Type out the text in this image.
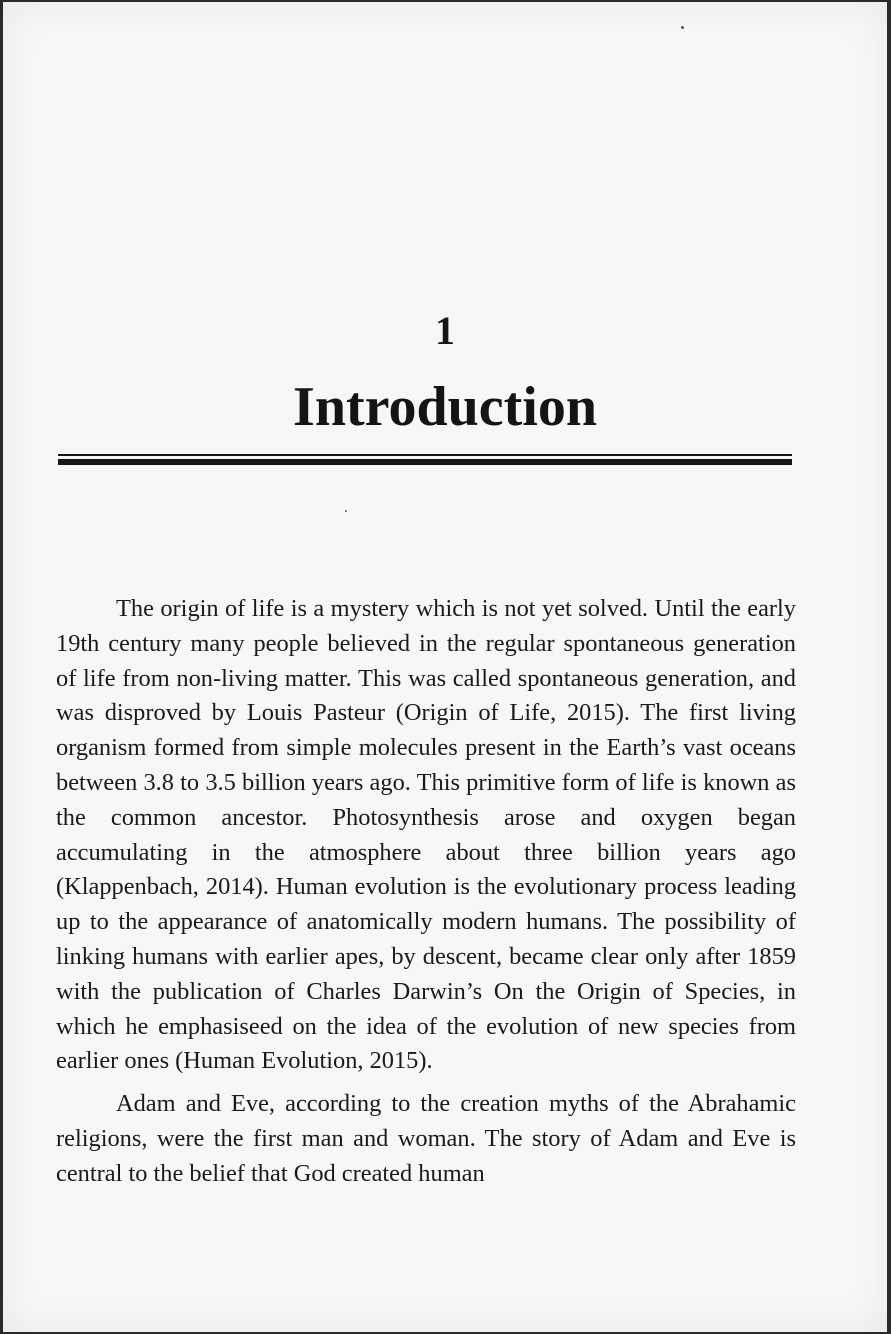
1
Introduction

The origin of life is a mystery which is not yet solved. Until the early 19th century many people believed in the regular spontaneous generation of life from non-living matter. This was called spontaneous generation, and was disproved by Louis Pasteur (Origin of Life, 2015). The first living organism formed from simple molecules present in the Earth’s vast oceans between 3.8 to 3.5 billion years ago. This primitive form of life is known as the common ancestor. Photosynthesis arose and oxygen began accumulating in the atmosphere about three billion years ago (Klappenbach, 2014). Human evolution is the evolutionary process leading up to the appearance of anatomically modern humans. The possibility of linking humans with earlier apes, by descent, became clear only after 1859 with the publication of Charles Darwin’s On the Origin of Species, in which he emphasiseed on the idea of the evolution of new species from earlier ones (Human Evolution, 2015).

Adam and Eve, according to the creation myths of the Abrahamic religions, were the first man and woman. The story of Adam and Eve is central to the belief that God created human
